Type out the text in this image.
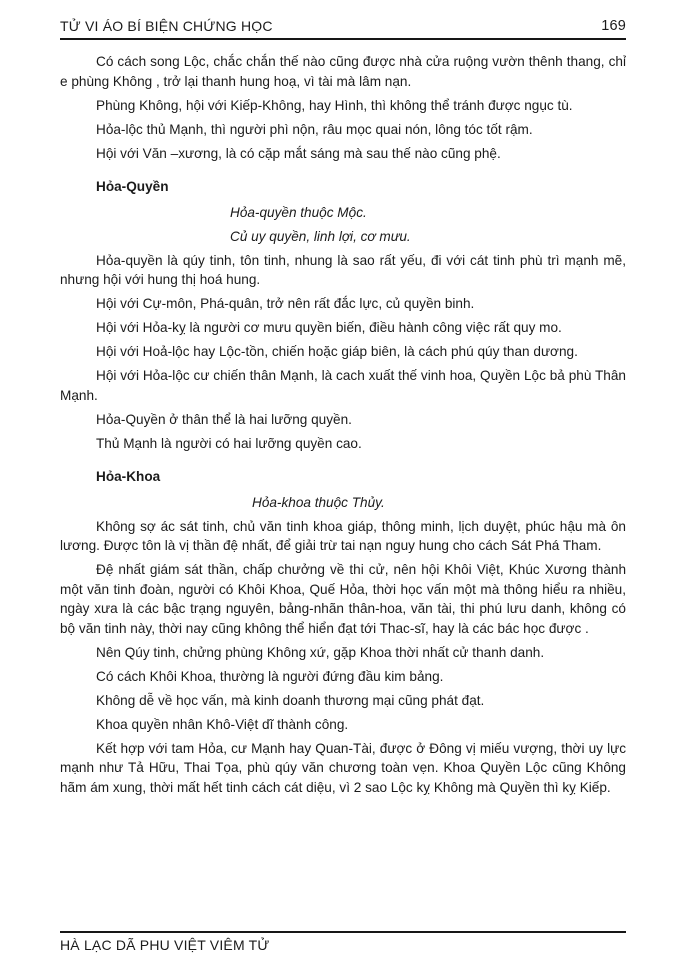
TỬ VI ÁO BÍ BIỆN CHỨNG HỌC	169

Có cách song Lộc, chắc chắn thế nào cũng được nhà cửa ruộng vườn thênh thang, chỉ e phùng Không , trở lại thanh hung hoạ, vì tài mà lâm nạn.

Phùng Không, hội với Kiếp-Không, hay Hình, thì không thể tránh được ngục tù.

Hỏa-lộc thủ Mạnh, thì người phì nộn, râu mọc quai nón, lông tóc tốt rậm.

Hội với Văn –xương, là có cặp mắt sáng mà sau thế nào cũng phệ.

Hỏa-Quyền

Hỏa-quyền thuộc Mộc.

Củ uy quyền, linh lợi, cơ mưu.

Hỏa-quyền là qúy tinh, tôn tinh, nhung là sao rất yếu, đi với cát tinh phù trì mạnh mẽ, nhưng hội với hung thị hoá hung.

Hội với Cự-môn, Phá-quân, trở nên rất đắc lực, củ quyền binh.

Hội với Hỏa-kỵ là người cơ mưu quyền biến, điều hành công việc rất quy mo.

Hội với Hoả-lộc hay Lộc-tồn, chiến hoặc giáp biên, là cách phú qúy than dương.

Hội với Hỏa-lộc cư chiến thân Mạnh, là cach xuất thế vinh hoa, Quyền Lộc bả phù Thân Mạnh.

Hỏa-Quyền ở thân thể là hai lưỡng quyền.

Thủ Mạnh là người có hai lưỡng quyền cao.

Hỏa-Khoa

Hỏa-khoa thuộc Thủy.

Không sợ ác sát tinh, chủ văn tinh khoa giáp, thông minh, lịch duyệt, phúc hậu mà ôn lương. Được tôn là vị thần đệ nhất, để giải trừ tai nạn nguy hung cho cách Sát Phá Tham.

Đệ nhất giám sát thần, chấp chưởng về thi cử, nên hội Khôi Việt, Khúc Xương thành một văn tinh đoàn, người có Khôi Khoa, Quế Hỏa, thời học vấn một mà thông hiểu ra nhiều, ngày xưa là các bậc trạng nguyên, bảng-nhãn thân-hoa, văn tài, thi phú lưu danh, không có bộ văn tinh này, thời nay cũng không thể hiển đạt tới Thac-sĩ, hay là các bác học được .

Nên Qúy tinh, chửng phùng Không xứ, gặp Khoa thời nhất cử thanh danh.

Có cách Khôi Khoa, thường là người đứng đầu kim bảng.

Không dễ về học vấn, mà kinh doanh thương mại cũng phát đạt.

Khoa quyền nhân Khô-Việt dĩ thành công.

Kết hợp với tam Hỏa, cư Mạnh hay Quan-Tài, được ở Đông vị miếu vượng, thời uy lực mạnh như Tả Hữu, Thai Tọa, phù qúy văn chương toàn vẹn. Khoa Quyền Lộc cũng Không hãm ám xung, thời mất hết tinh cách cát diệu, vì 2 sao Lộc kỵ Không mà Quyền thì kỵ Kiếp.

HÀ LẠC DÃ PHU VIỆT VIÊM TỬ
